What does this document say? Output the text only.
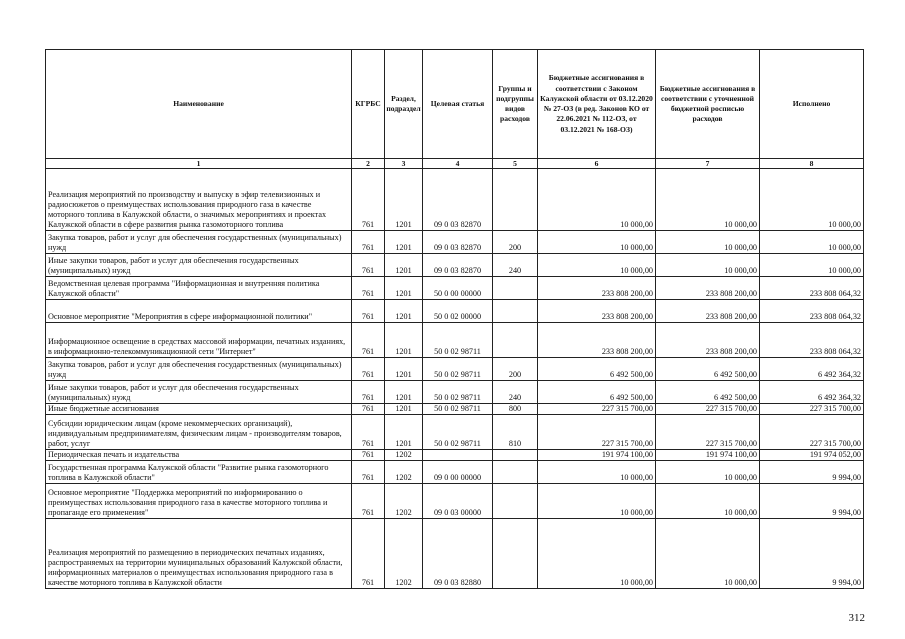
Наименование	КГРБС	Раздел, подраздел	Целевая статья	Группы и подгруппы видов расходов	Бюджетные ассигнования в соответствии с Законом Калужской области от 03.12.2020 № 27-ОЗ (в ред. Законов КО от 22.06.2021 № 112-ОЗ, от 03.12.2021 № 168-ОЗ)	Бюджетные ассигнования в соответствии с уточненной бюджетной росписью расходов	Исполнено
1	2	3	4	5	6	7	8
Реализация мероприятий по производству и выпуску в эфир телевизионных и радиосюжетов о преимуществах использования природного газа в качестве моторного топлива в Калужской области, о значимых мероприятиях и проектах Калужской области в сфере развития рынка газомоторного топлива	761	1201	09 0 03 82870		10 000,00	10 000,00	10 000,00
Закупка товаров, работ и услуг для обеспечения государственных (муниципальных) нужд	761	1201	09 0 03 82870	200	10 000,00	10 000,00	10 000,00
Иные закупки товаров, работ и услуг для обеспечения государственных (муниципальных) нужд	761	1201	09 0 03 82870	240	10 000,00	10 000,00	10 000,00
Ведомственная целевая программа "Информационная и внутренняя политика Калужской области"	761	1201	50 0 00 00000		233 808 200,00	233 808 200,00	233 808 064,32
Основное мероприятие "Мероприятия в сфере информационной политики"	761	1201	50 0 02 00000		233 808 200,00	233 808 200,00	233 808 064,32
Информационное освещение в средствах массовой информации, печатных изданиях, в информационно-телекоммуникационной сети "Интернет"	761	1201	50 0 02 98711		233 808 200,00	233 808 200,00	233 808 064,32
Закупка товаров, работ и услуг для обеспечения государственных (муниципальных) нужд	761	1201	50 0 02 98711	200	6 492 500,00	6 492 500,00	6 492 364,32
Иные закупки товаров, работ и услуг для обеспечения государственных (муниципальных) нужд	761	1201	50 0 02 98711	240	6 492 500,00	6 492 500,00	6 492 364,32
Иные бюджетные ассигнования	761	1201	50 0 02 98711	800	227 315 700,00	227 315 700,00	227 315 700,00
Субсидии юридическим лицам (кроме некоммерческих организаций), индивидуальным предпринимателям, физическим лицам - производителям товаров, работ, услуг	761	1201	50 0 02 98711	810	227 315 700,00	227 315 700,00	227 315 700,00
Периодическая печать и издательства	761	1202			191 974 100,00	191 974 100,00	191 974 052,00
Государственная программа Калужской области "Развитие рынка газомоторного топлива в Калужской области"	761	1202	09 0 00 00000		10 000,00	10 000,00	9 994,00
Основное мероприятие "Поддержка мероприятий по информированию о преимуществах использования природного газа в качестве моторного топлива и пропаганде его применения"	761	1202	09 0 03 00000		10 000,00	10 000,00	9 994,00
Реализация мероприятий по размещению в периодических печатных изданиях, распространяемых на территории муниципальных образований Калужской области, информационных материалов о преимуществах использования природного газа в качестве моторного топлива в Калужской области	761	1202	09 0 03 82880		10 000,00	10 000,00	9 994,00
312
